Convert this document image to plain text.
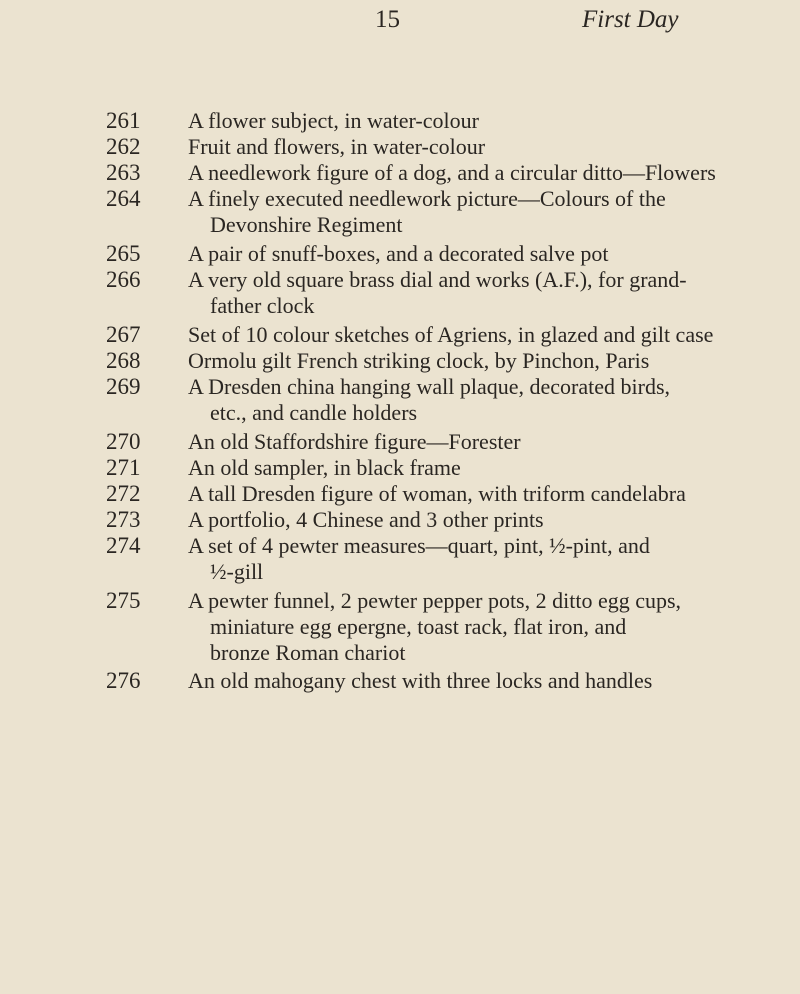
15	First Day
261	A flower subject, in water-colour
262	Fruit and flowers, in water-colour
263	A needlework figure of a dog, and a circular ditto—Flowers
264	A finely executed needlework picture—Colours of the
Devonshire Regiment
265	A pair of snuff-boxes, and a decorated salve pot
266	A very old square brass dial and works (A.F.), for grand-
father clock
267	Set of 10 colour sketches of Agriens, in glazed and gilt case
268	Ormolu gilt French striking clock, by Pinchon, Paris
269	A Dresden china hanging wall plaque, decorated birds,
etc., and candle holders
270	An old Staffordshire figure—Forester
271	An old sampler, in black frame
272	A tall Dresden figure of woman, with triform candelabra
273	A portfolio, 4 Chinese and 3 other prints
274	A set of 4 pewter measures—quart, pint, ½-pint, and
½-gill
275	A pewter funnel, 2 pewter pepper pots, 2 ditto egg cups,
miniature egg epergne, toast rack, flat iron, and
bronze Roman chariot
276	An old mahogany chest with three locks and handles
